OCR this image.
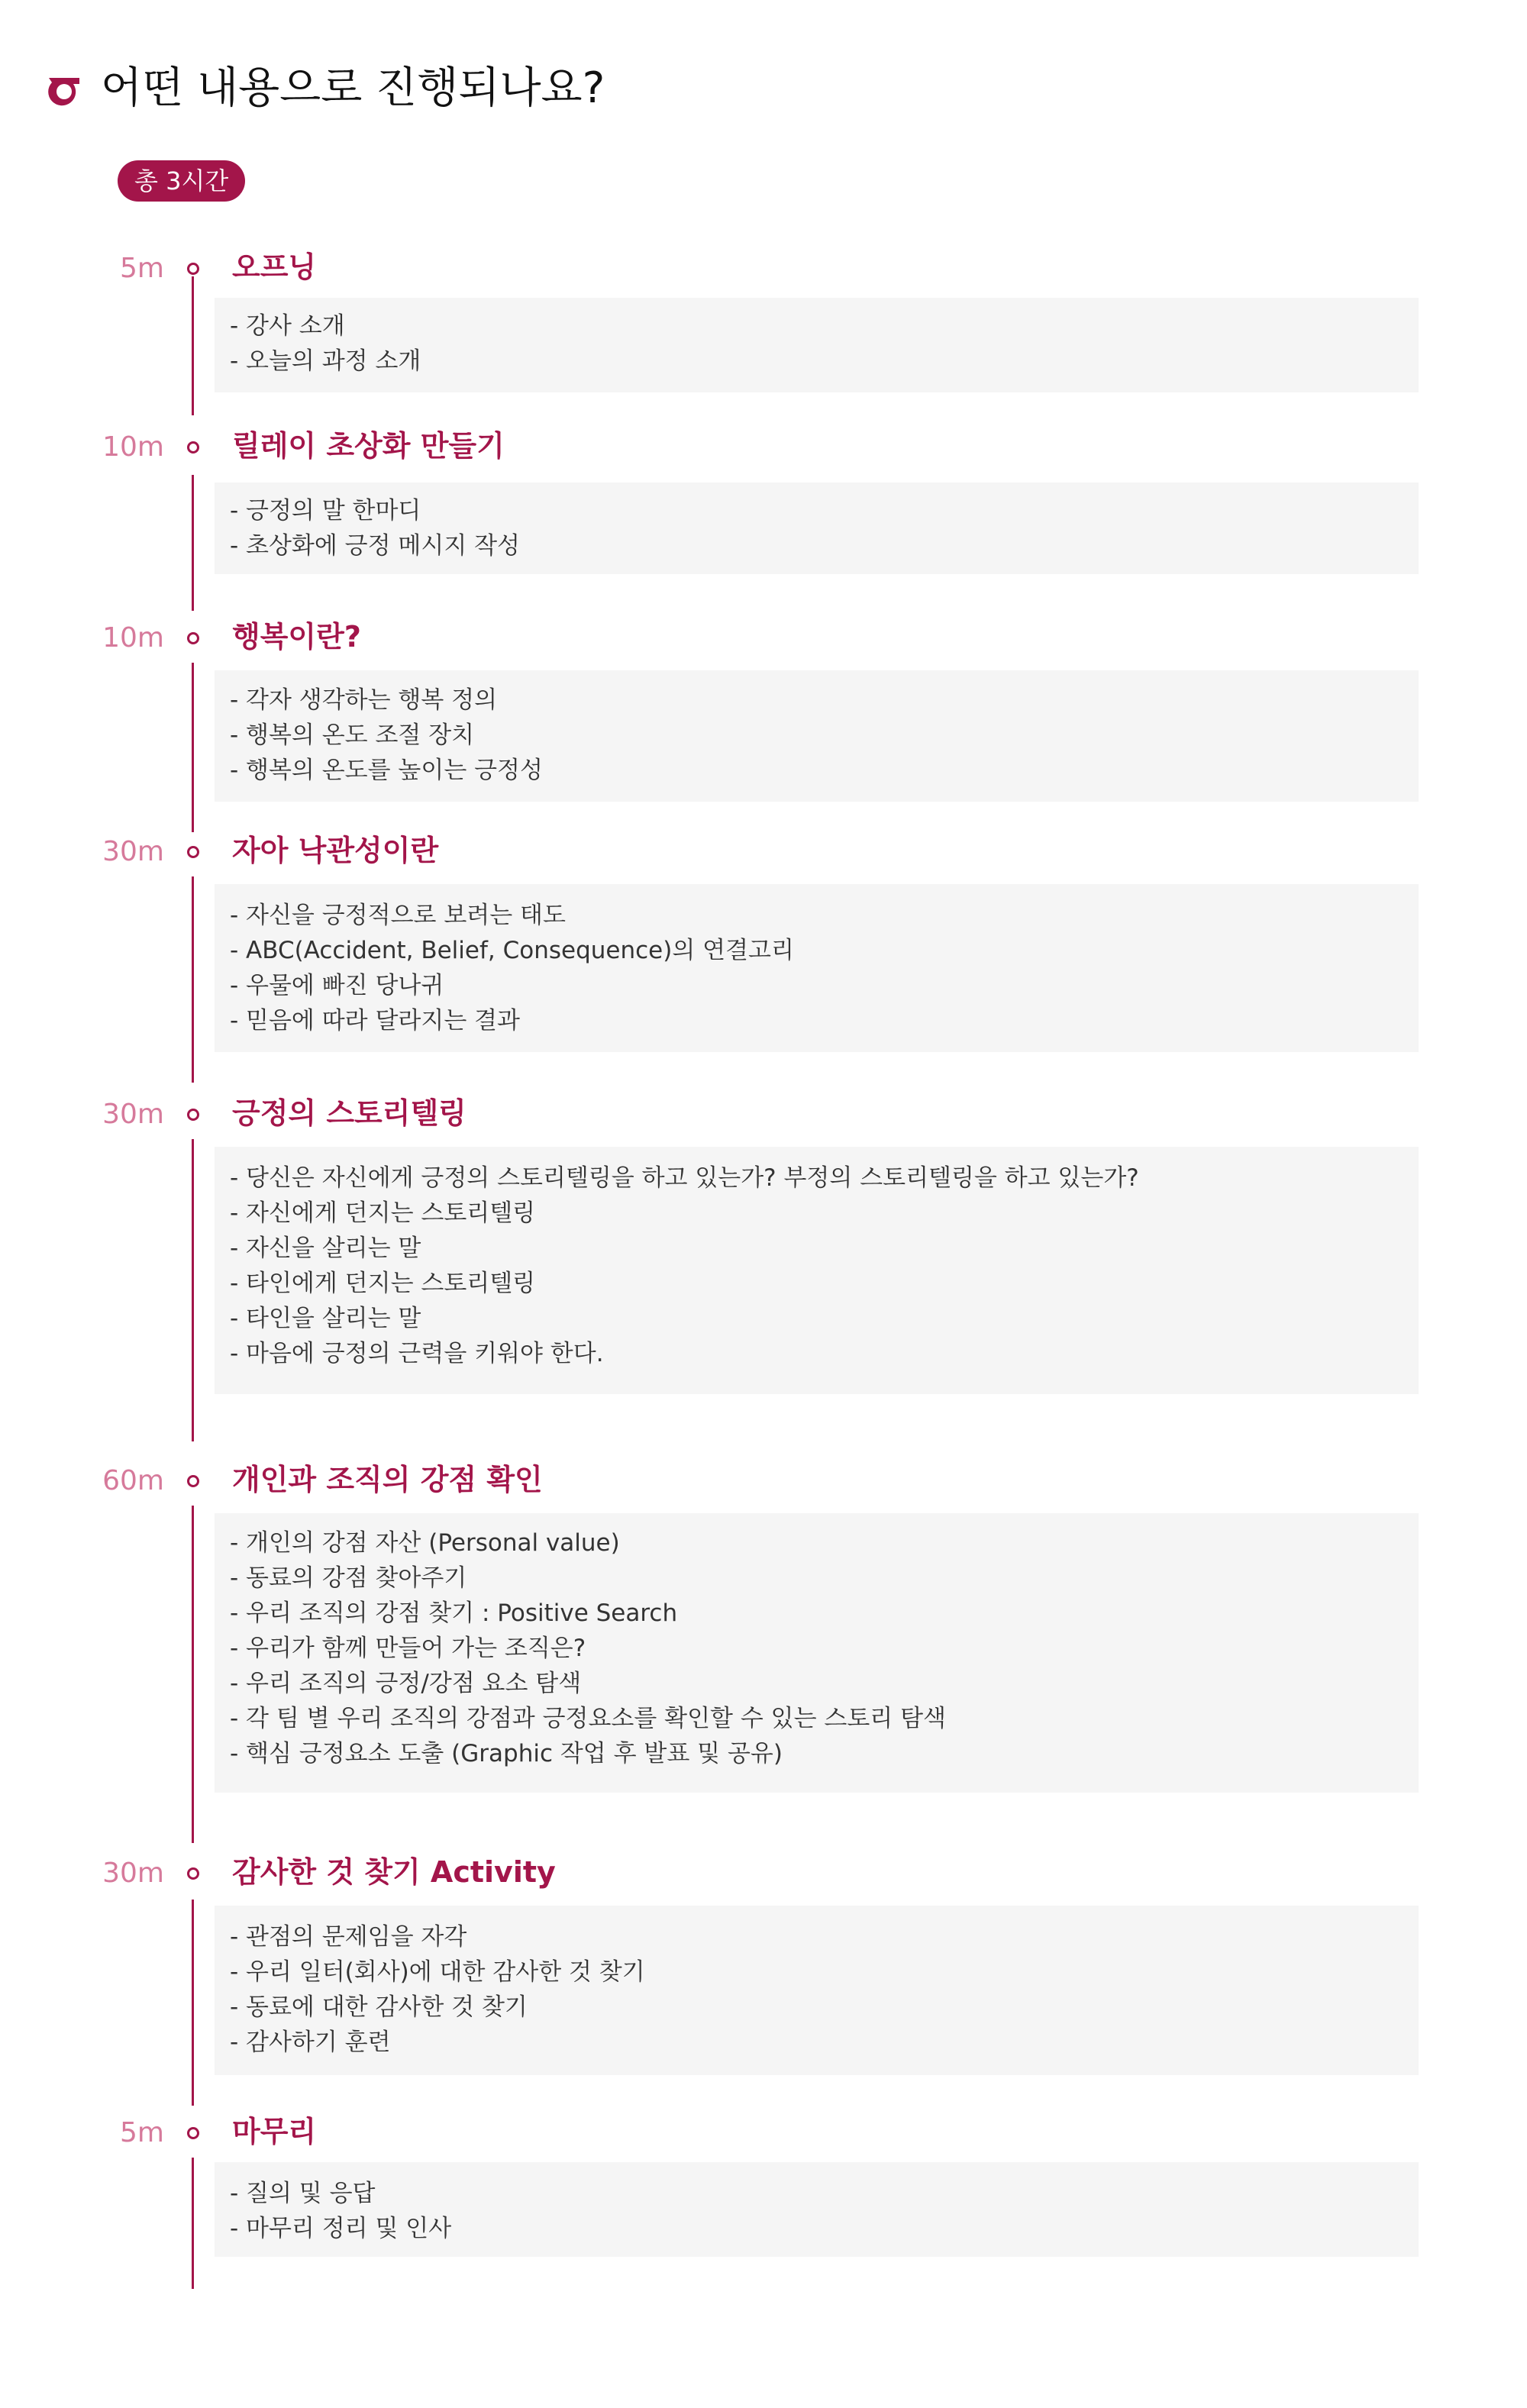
어떤 내용으로 진행되나요?
총 3시간
5m 오프닝
- 강사 소개
- 오늘의 과정 소개
10m 릴레이 초상화 만들기
- 긍정의 말 한마디
- 초상화에 긍정 메시지 작성
10m 행복이란?
- 각자 생각하는 행복 정의
- 행복의 온도 조절 장치
- 행복의 온도를 높이는 긍정성
30m 자아 낙관성이란
- 자신을 긍정적으로 보려는 태도
- ABC(Accident, Belief, Consequence)의 연결고리
- 우물에 빠진 당나귀
- 믿음에 따라 달라지는 결과
30m 긍정의 스토리텔링
- 당신은 자신에게 긍정의 스토리텔링을 하고 있는가? 부정의 스토리텔링을 하고 있는가?
- 자신에게 던지는 스토리텔링
- 자신을 살리는 말
- 타인에게 던지는 스토리텔링
- 타인을 살리는 말
- 마음에 긍정의 근력을 키워야 한다.
60m 개인과 조직의 강점 확인
- 개인의 강점 자산 (Personal value)
- 동료의 강점 찾아주기
- 우리 조직의 강점 찾기 : Positive Search
- 우리가 함께 만들어 가는 조직은?
- 우리 조직의 긍정/강점 요소 탐색
- 각 팀 별 우리 조직의 강점과 긍정요소를 확인할 수 있는 스토리 탐색
- 핵심 긍정요소 도출 (Graphic 작업 후 발표 및 공유)
30m 감사한 것 찾기 Activity
- 관점의 문제임을 자각
- 우리 일터(회사)에 대한 감사한 것 찾기
- 동료에 대한 감사한 것 찾기
- 감사하기 훈련
5m 마무리
- 질의 및 응답
- 마무리 정리 및 인사
